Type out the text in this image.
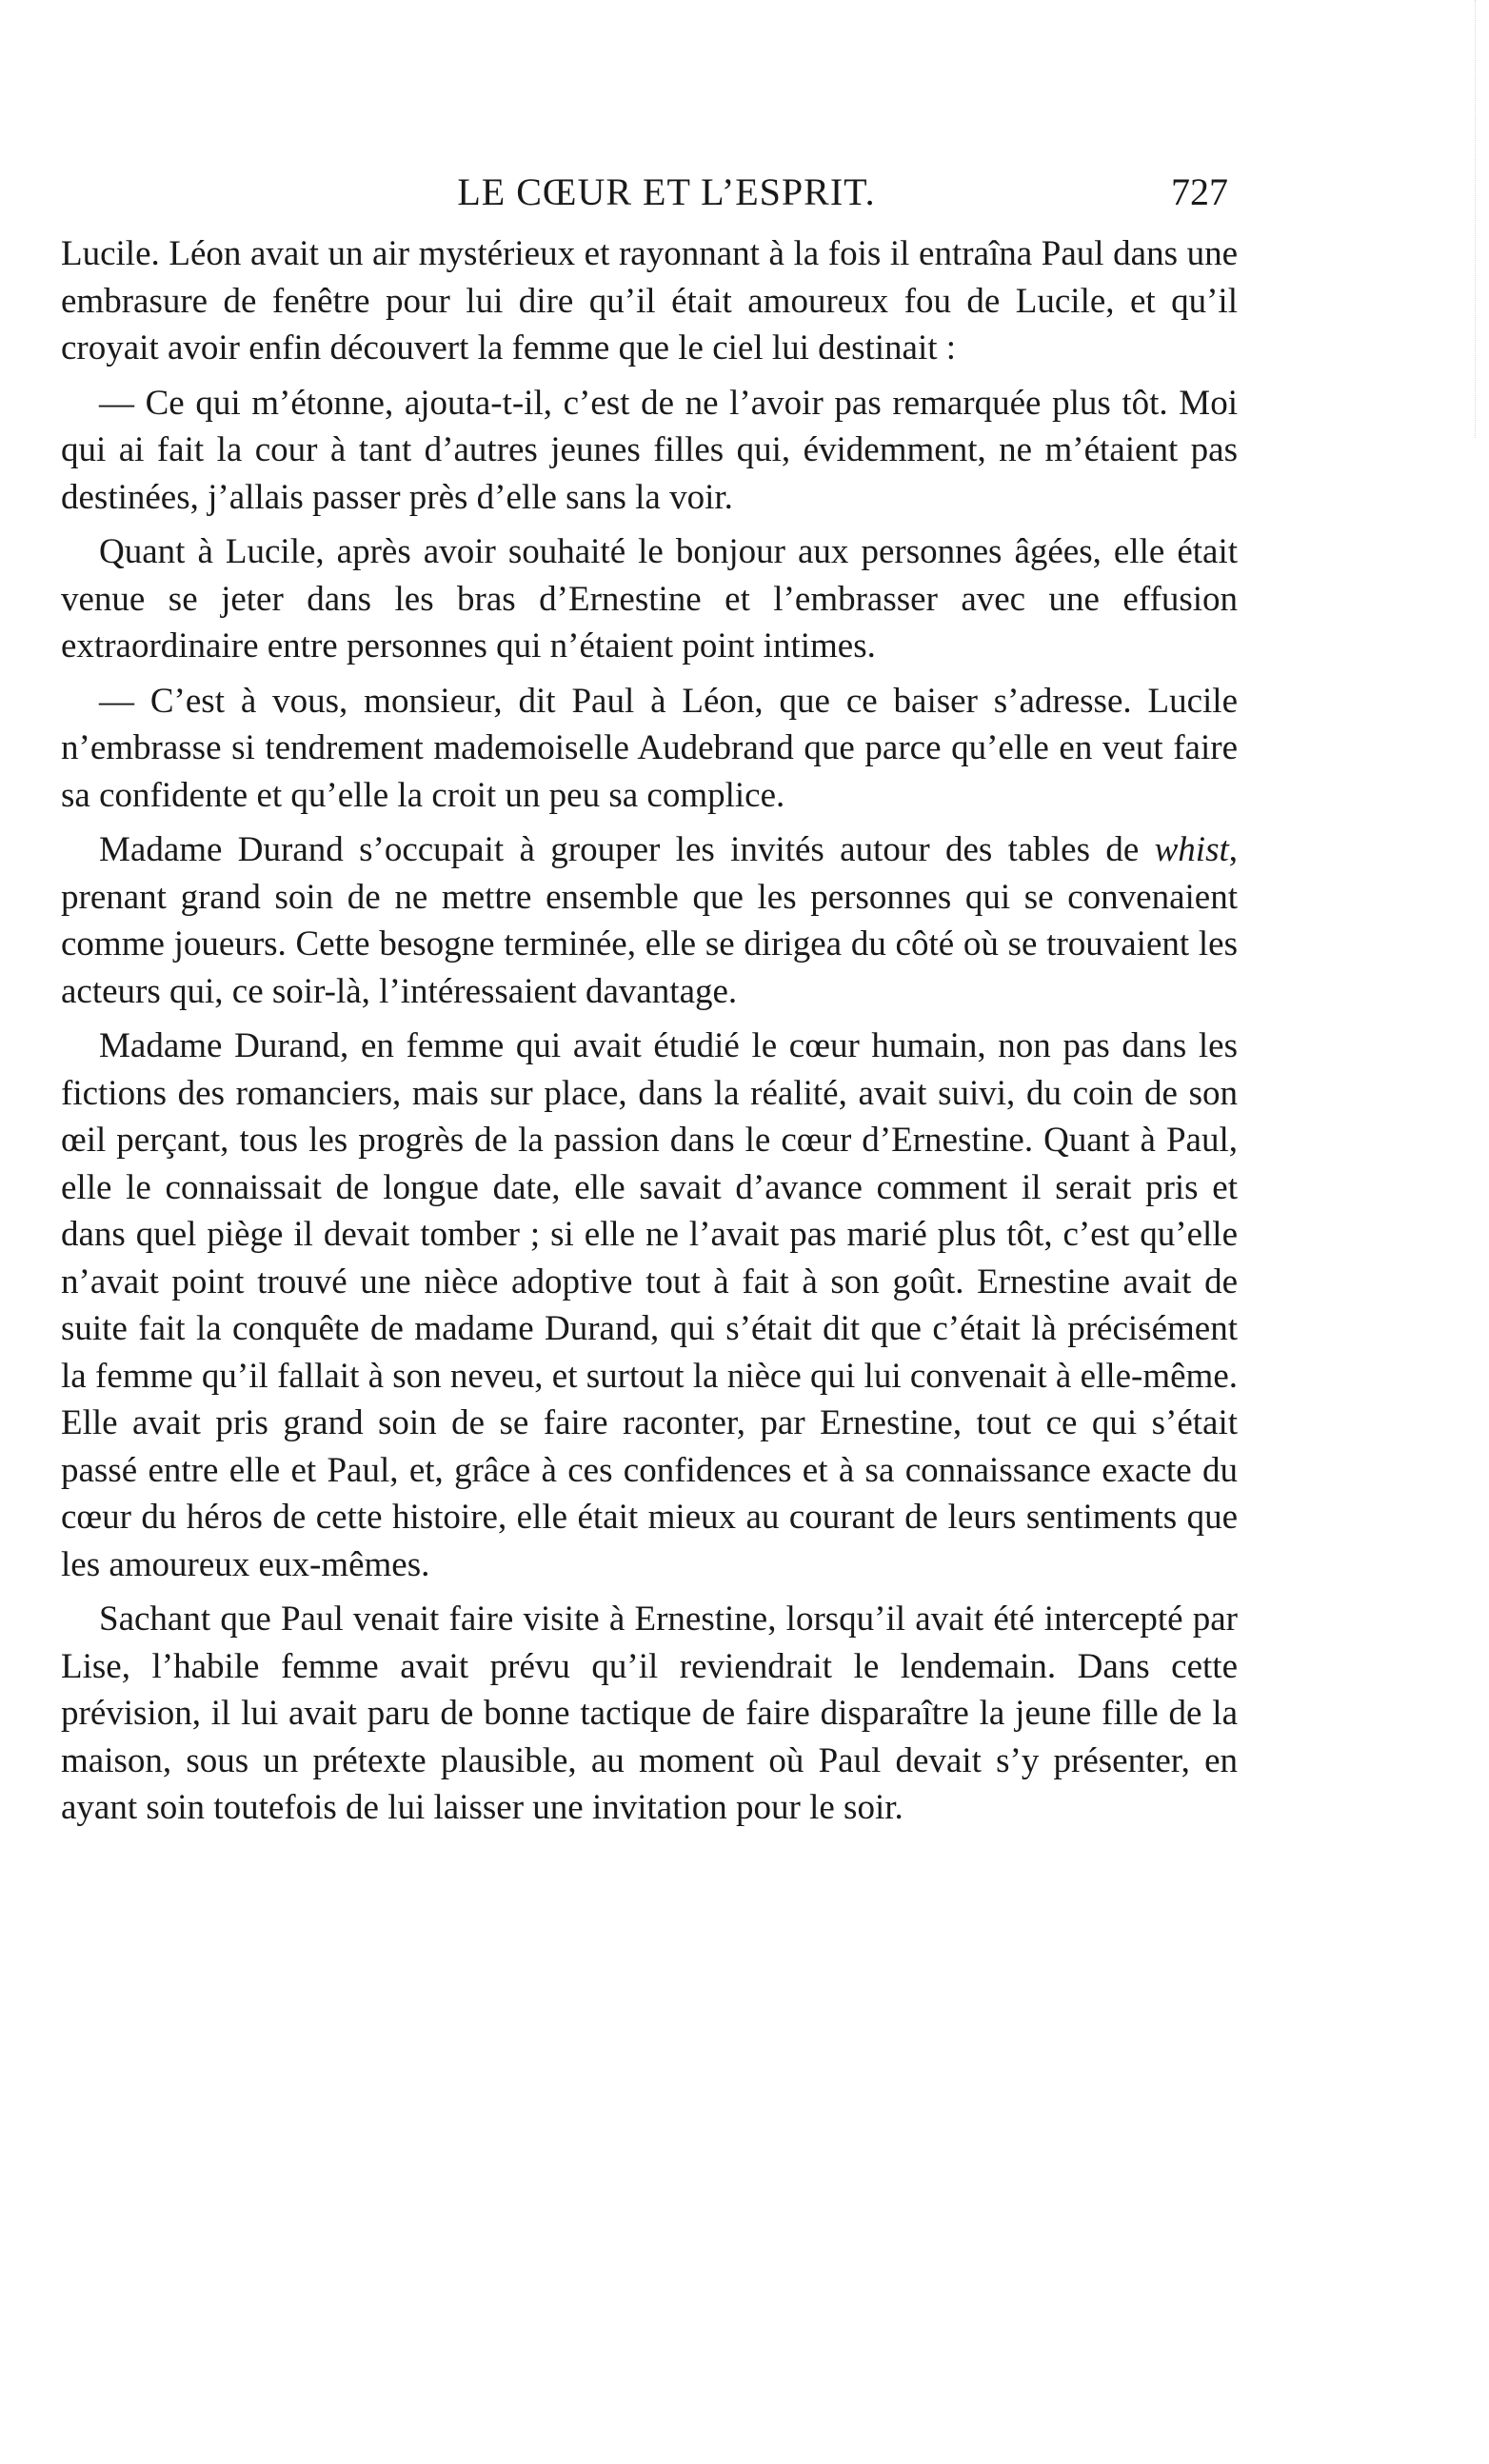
LE CŒUR ET L’ESPRIT.	727

Lucile. Léon avait un air mystérieux et rayonnant à la fois il entraîna Paul dans une embrasure de fenêtre pour lui dire qu’il était amoureux fou de Lucile, et qu’il croyait avoir enfin découvert la femme que le ciel lui destinait :

— Ce qui m’étonne, ajouta-t-il, c’est de ne l’avoir pas remarquée plus tôt. Moi qui ai fait la cour à tant d’autres jeunes filles qui, évidemment, ne m’étaient pas destinées, j’allais passer près d’elle sans la voir.

Quant à Lucile, après avoir souhaité le bonjour aux personnes âgées, elle était venue se jeter dans les bras d’Ernestine et l’embrasser avec une effusion extraordinaire entre personnes qui n’étaient point intimes.

— C’est à vous, monsieur, dit Paul à Léon, que ce baiser s’adresse. Lucile n’embrasse si tendrement mademoiselle Audebrand que parce qu’elle en veut faire sa confidente et qu’elle la croit un peu sa complice.

Madame Durand s’occupait à grouper les invités autour des tables de whist, prenant grand soin de ne mettre ensemble que les personnes qui se convenaient comme joueurs. Cette besogne terminée, elle se dirigea du côté où se trouvaient les acteurs qui, ce soir-là, l’intéressaient davantage.

Madame Durand, en femme qui avait étudié le cœur humain, non pas dans les fictions des romanciers, mais sur place, dans la réalité, avait suivi, du coin de son œil perçant, tous les progrès de la passion dans le cœur d’Ernestine. Quant à Paul, elle le connaissait de longue date, elle savait d’avance comment il serait pris et dans quel piège il devait tomber ; si elle ne l’avait pas marié plus tôt, c’est qu’elle n’avait point trouvé une nièce adoptive tout à fait à son goût. Ernestine avait de suite fait la conquête de madame Durand, qui s’était dit que c’était là précisément la femme qu’il fallait à son neveu, et surtout la nièce qui lui convenait à elle-même. Elle avait pris grand soin de se faire raconter, par Ernestine, tout ce qui s’était passé entre elle et Paul, et, grâce à ces confidences et à sa connaissance exacte du cœur du héros de cette histoire, elle était mieux au courant de leurs sentiments que les amoureux eux-mêmes.

Sachant que Paul venait faire visite à Ernestine, lorsqu’il avait été intercepté par Lise, l’habile femme avait prévu qu’il reviendrait le lendemain. Dans cette prévision, il lui avait paru de bonne tactique de faire disparaître la jeune fille de la maison, sous un prétexte plausible, au moment où Paul devait s’y présenter, en ayant soin toutefois de lui laisser une invitation pour le soir.
